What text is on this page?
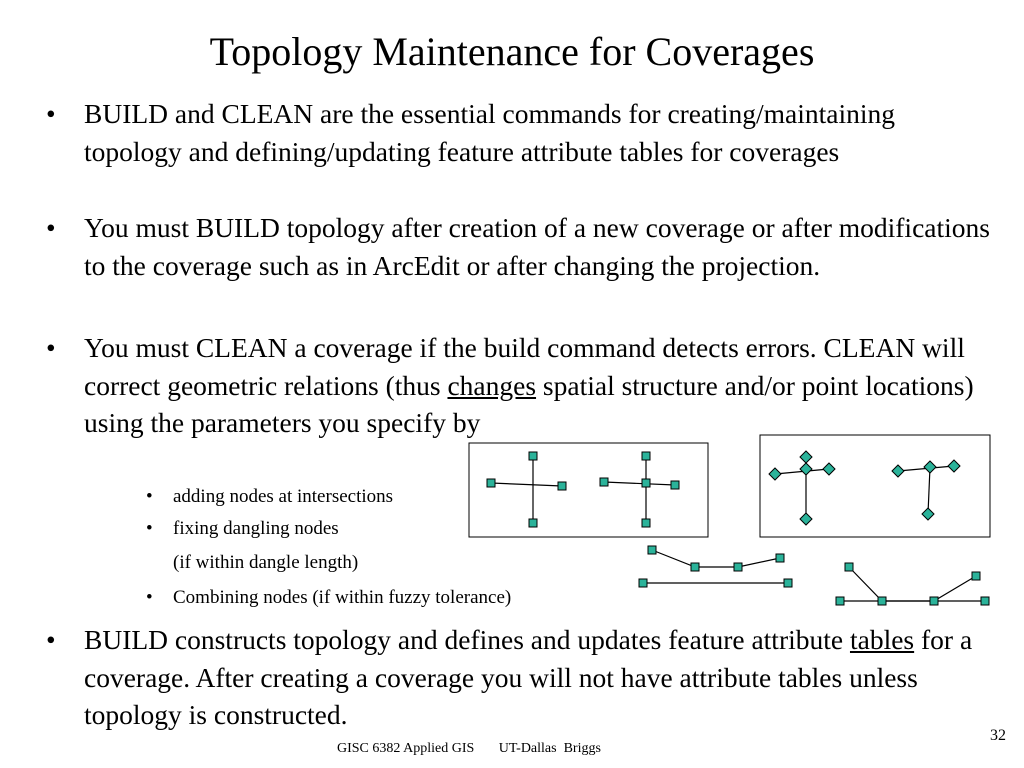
Topology Maintenance for Coverages
• BUILD and CLEAN are the essential commands for creating/maintaining topology and defining/updating feature attribute tables for coverages
• You must BUILD topology after creation of a new coverage or after modifications to the coverage such as in ArcEdit or after changing the projection.
• You must CLEAN a coverage if the build command detects errors. CLEAN will correct geometric relations (thus changes spatial structure and/or point locations) using the parameters you specify by
• adding nodes at intersections
• fixing dangling nodes
(if within dangle length)
• Combining nodes (if within fuzzy tolerance)
• BUILD constructs topology and defines and updates feature attribute tables for a coverage. After creating a coverage you will not have attribute tables unless topology is constructed.
32
GISC 6382 Applied GIS       UT-Dallas  Briggs
